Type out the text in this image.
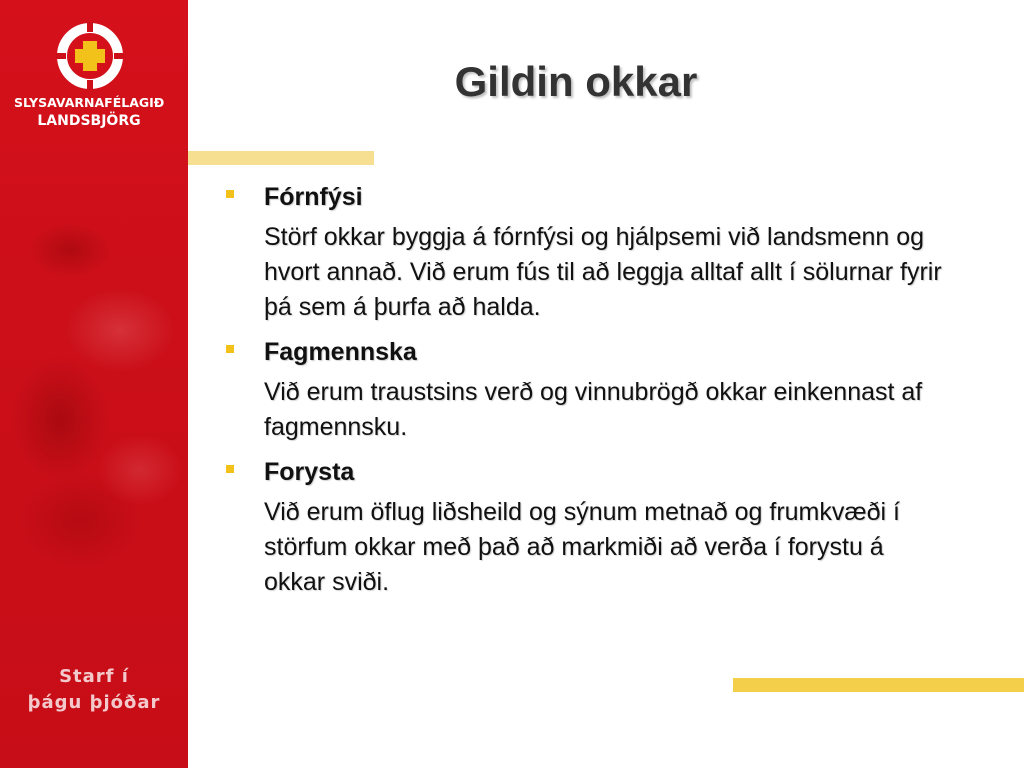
SLYSAVARNAFÉLAGIÐ
LANDSBJÖRG
Starf í
þágu þjóðar
Gildin okkar
Fórnfýsi
Störf okkar byggja á fórnfýsi og hjálpsemi við landsmenn og hvort annað. Við erum fús til að leggja alltaf allt í sölurnar fyrir þá sem á þurfa að halda.
Fagmennska
Við erum traustsins verð og vinnubrögð okkar einkennast af fagmennsku.
Forysta
Við erum öflug liðsheild og sýnum metnað og frumkvæði í störfum okkar með það að markmiði að verða í forystu á okkar sviði.
